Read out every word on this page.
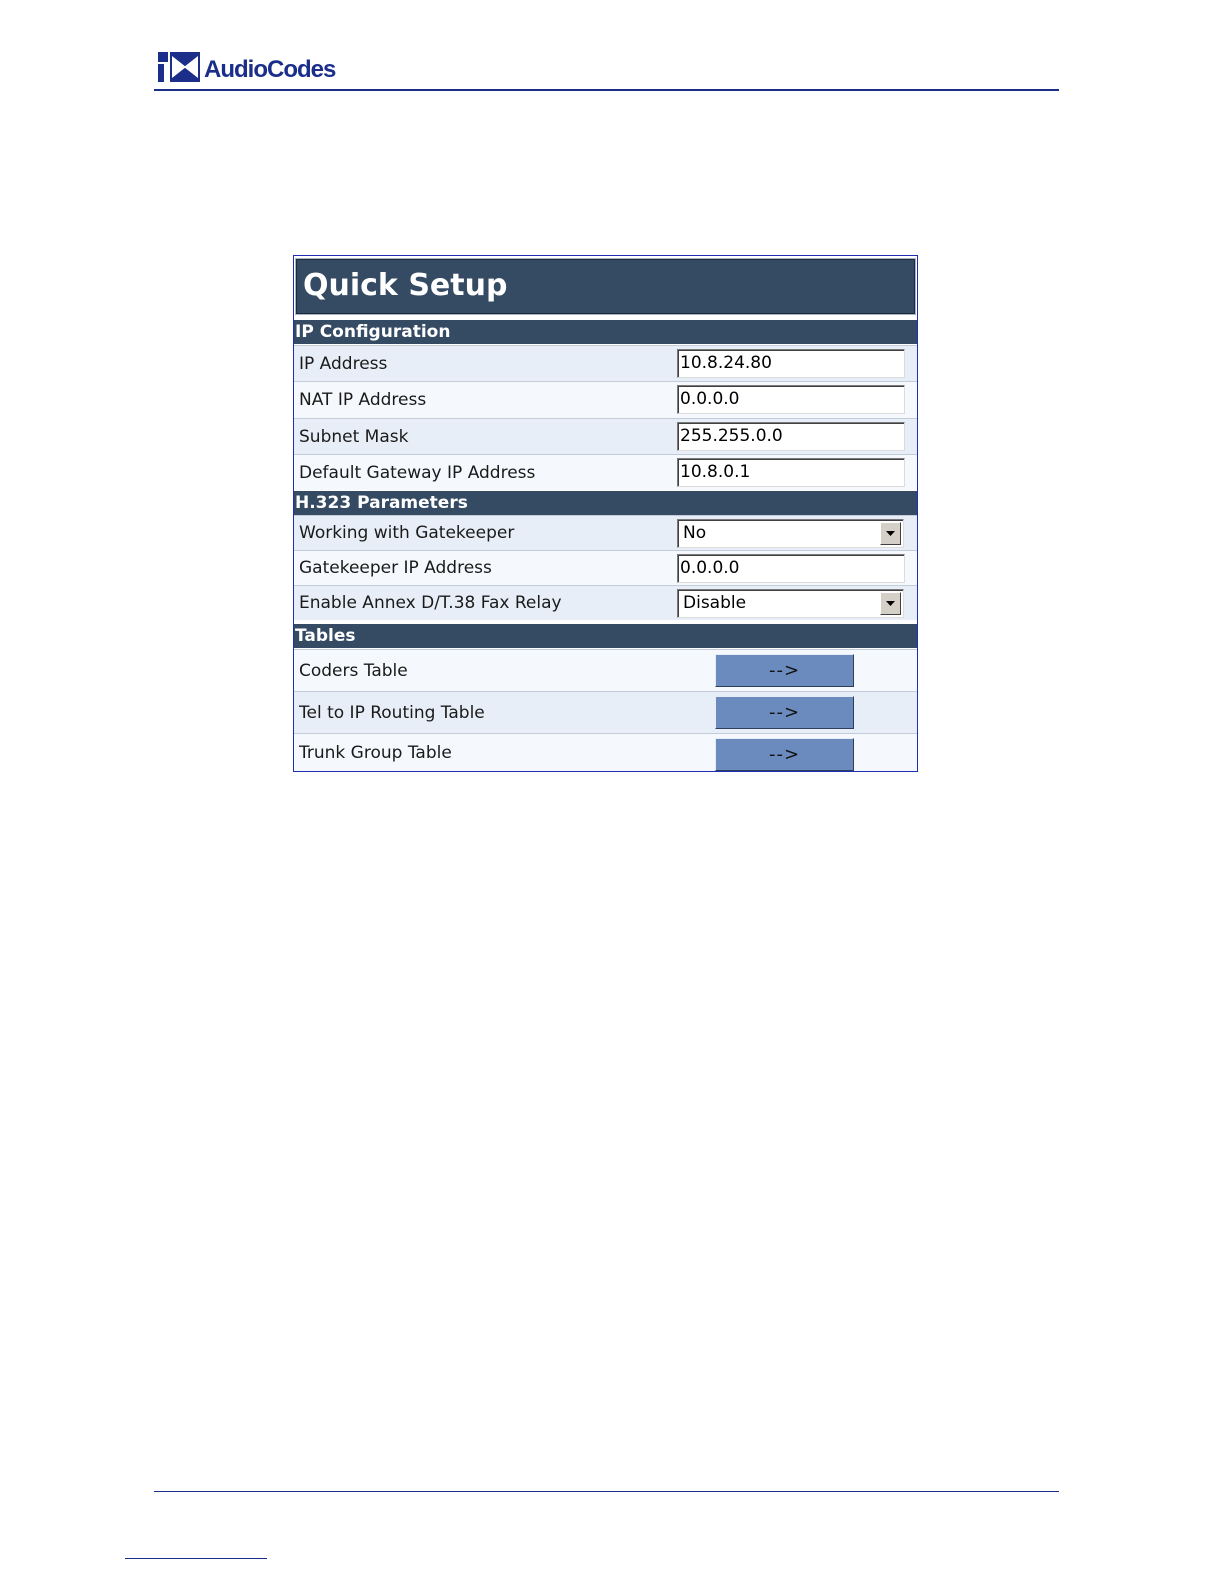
AudioCodes
Quick Setup
IP Configuration
IP Address	10.8.24.80
NAT IP Address	0.0.0.0
Subnet Mask	255.255.0.0
Default Gateway IP Address	10.8.0.1
H.323 Parameters
Working with Gatekeeper	No
Gatekeeper IP Address	0.0.0.0
Enable Annex D/T.38 Fax Relay	Disable
Tables
Coders Table	-->
Tel to IP Routing Table	-->
Trunk Group Table	-->
